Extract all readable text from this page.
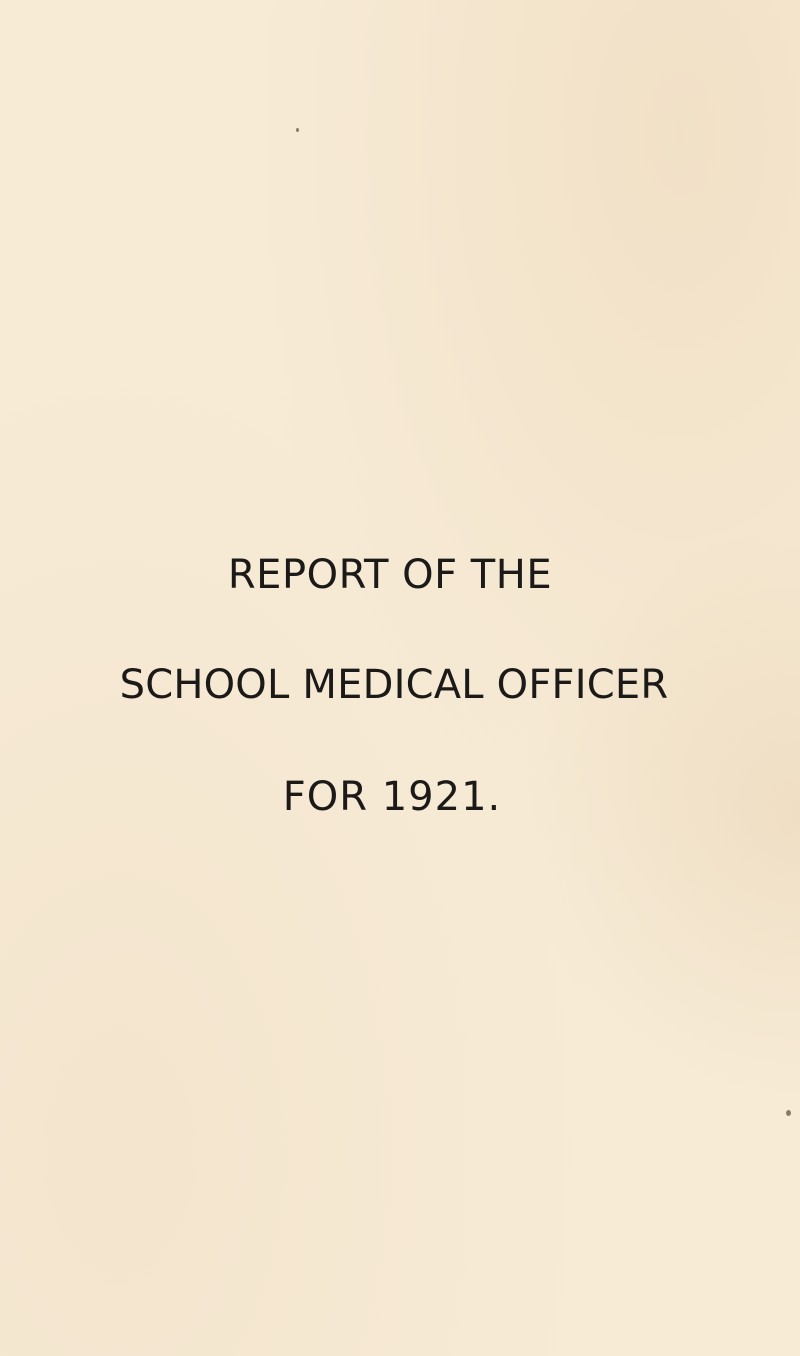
REPORT OF THE
SCHOOL MEDICAL OFFICER
FOR 1921.
